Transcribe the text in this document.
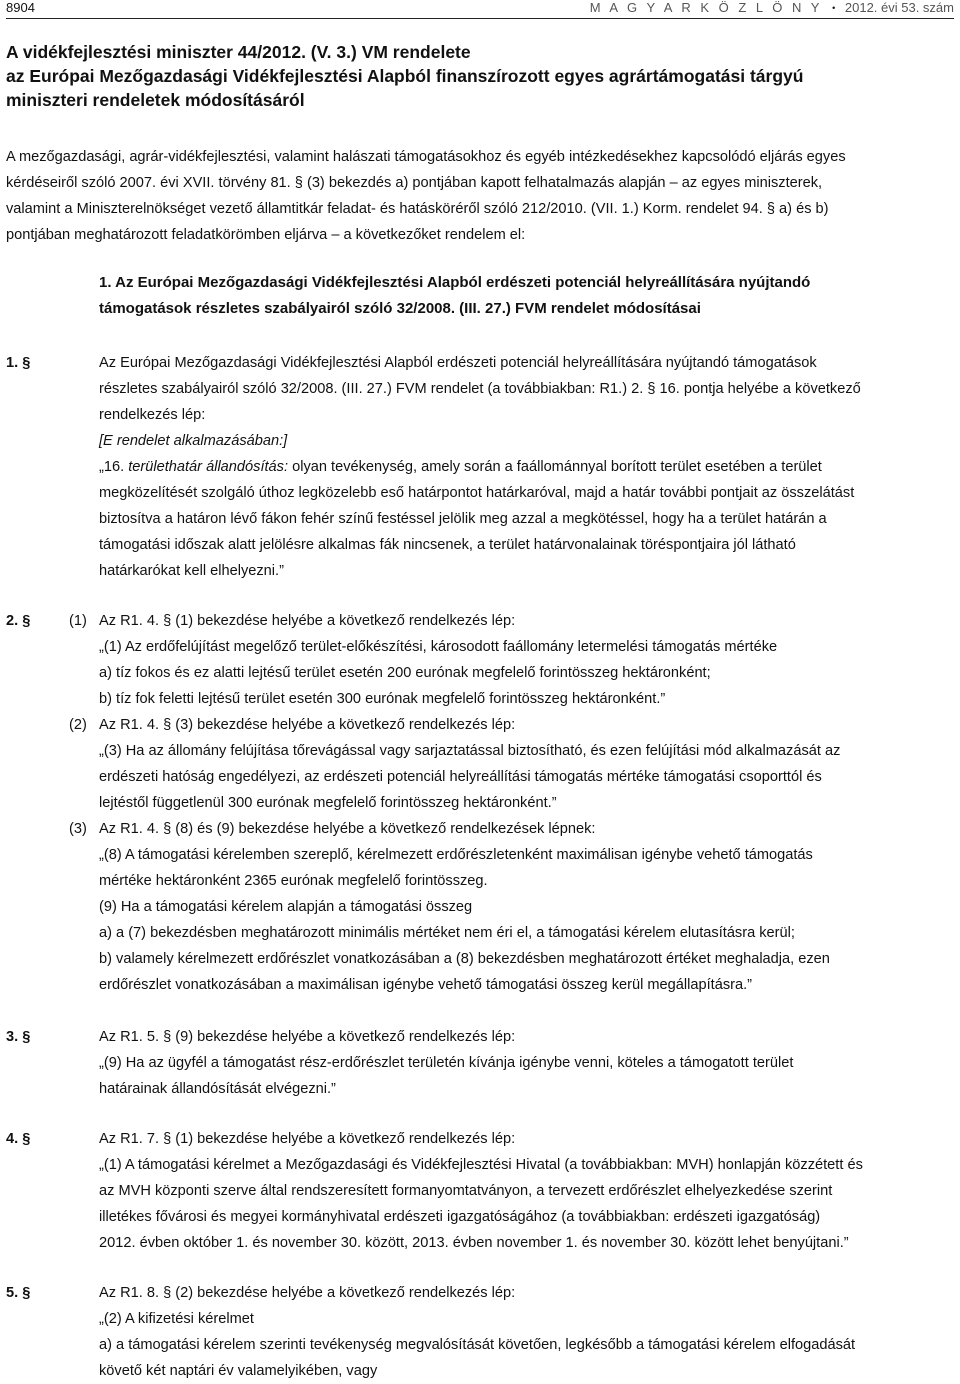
8904	M A G Y A R K Ö Z L Ö N Y • 2012. évi 53. szám
A vidékfejlesztési miniszter 44/2012. (V. 3.) VM rendelete
az Európai Mezőgazdasági Vidékfejlesztési Alapból finanszírozott egyes agrártámogatási tárgyú
miniszteri rendeletek módosításáról
A mezőgazdasági, agrár-vidékfejlesztési, valamint halászati támogatásokhoz és egyéb intézkedésekhez kapcsolódó eljárás egyes
kérdéseiről szóló 2007. évi XVII. törvény 81. § (3) bekezdés a) pontjában kapott felhatalmazás alapján – az egyes miniszterek,
valamint a Miniszterelnökséget vezető államtitkár feladat- és hatásköréről szóló 212/2010. (VII. 1.) Korm. rendelet 94. § a) és b)
pontjában meghatározott feladatkörömben eljárva – a következőket rendelem el:
1. Az Európai Mezőgazdasági Vidékfejlesztési Alapból erdészeti potenciál helyreállítására nyújtandó
támogatások részletes szabályairól szóló 32/2008. (III. 27.) FVM rendelet módosításai
1. §	Az Európai Mezőgazdasági Vidékfejlesztési Alapból erdészeti potenciál helyreállítására nyújtandó támogatások
részletes szabályairól szóló 32/2008. (III. 27.) FVM rendelet (a továbbiakban: R1.) 2. § 16. pontja helyébe a következő
rendelkezés lép:
[E rendelet alkalmazásában:]
„16. területhatár állandósítás: olyan tevékenység, amely során a faállománnyal borított terület esetében a terület
megközelítését szolgáló úthoz legközelebb eső határpontot határkaróval, majd a határ további pontjait az összelátást
biztosítva a határon lévő fákon fehér színű festéssel jelölik meg azzal a megkötéssel, hogy ha a terület határán a
támogatási időszak alatt jelölésre alkalmas fák nincsenek, a terület határvonalainak töréspontjaira jól látható
határkarókat kell elhelyezni.”
2. §	(1) Az R1. 4. § (1) bekezdése helyébe a következő rendelkezés lép:
„(1) Az erdőfelújítást megelőző terület-előkészítési, károsodott faállomány letermelési támogatás mértéke
a) tíz fokos és ez alatti lejtésű terület esetén 200 eurónak megfelelő forintösszeg hektáronként;
b) tíz fok feletti lejtésű terület esetén 300 eurónak megfelelő forintösszeg hektáronként.”
(2) Az R1. 4. § (3) bekezdése helyébe a következő rendelkezés lép:
„(3) Ha az állomány felújítása tőrevágással vagy sarjaztatással biztosítható, és ezen felújítási mód alkalmazását az
erdészeti hatóság engedélyezi, az erdészeti potenciál helyreállítási támogatás mértéke támogatási csoporttól és
lejtéstől függetlenül 300 eurónak megfelelő forintösszeg hektáronként.”
(3) Az R1. 4. § (8) és (9) bekezdése helyébe a következő rendelkezések lépnek:
„(8) A támogatási kérelemben szereplő, kérelmezett erdőrészletenként maximálisan igénybe vehető támogatás
mértéke hektáronként 2365 eurónak megfelelő forintösszeg.
(9) Ha a támogatási kérelem alapján a támogatási összeg
a) a (7) bekezdésben meghatározott minimális mértéket nem éri el, a támogatási kérelem elutasításra kerül;
b) valamely kérelmezett erdőrészlet vonatkozásában a (8) bekezdésben meghatározott értéket meghaladja, ezen
erdőrészlet vonatkozásában a maximálisan igénybe vehető támogatási összeg kerül megállapításra.”
3. §	Az R1. 5. § (9) bekezdése helyébe a következő rendelkezés lép:
„(9) Ha az ügyfél a támogatást rész-erdőrészlet területén kívánja igénybe venni, köteles a támogatott terület
határainak állandósítását elvégezni.”
4. §	Az R1. 7. § (1) bekezdése helyébe a következő rendelkezés lép:
„(1) A támogatási kérelmet a Mezőgazdasági és Vidékfejlesztési Hivatal (a továbbiakban: MVH) honlapján közzétett és
az MVH központi szerve által rendszeresített formanyomtatványon, a tervezett erdőrészlet elhelyezkedése szerint
illetékes fővárosi és megyei kormányhivatal erdészeti igazgatóságához (a továbbiakban: erdészeti igazgatóság)
2012. évben október 1. és november 30. között, 2013. évben november 1. és november 30. között lehet benyújtani.”
5. §	Az R1. 8. § (2) bekezdése helyébe a következő rendelkezés lép:
„(2) A kifizetési kérelmet
a) a támogatási kérelem szerinti tevékenység megvalósítását követően, legkésőbb a támogatási kérelem elfogadását
követő két naptári év valamelyikében, vagy
